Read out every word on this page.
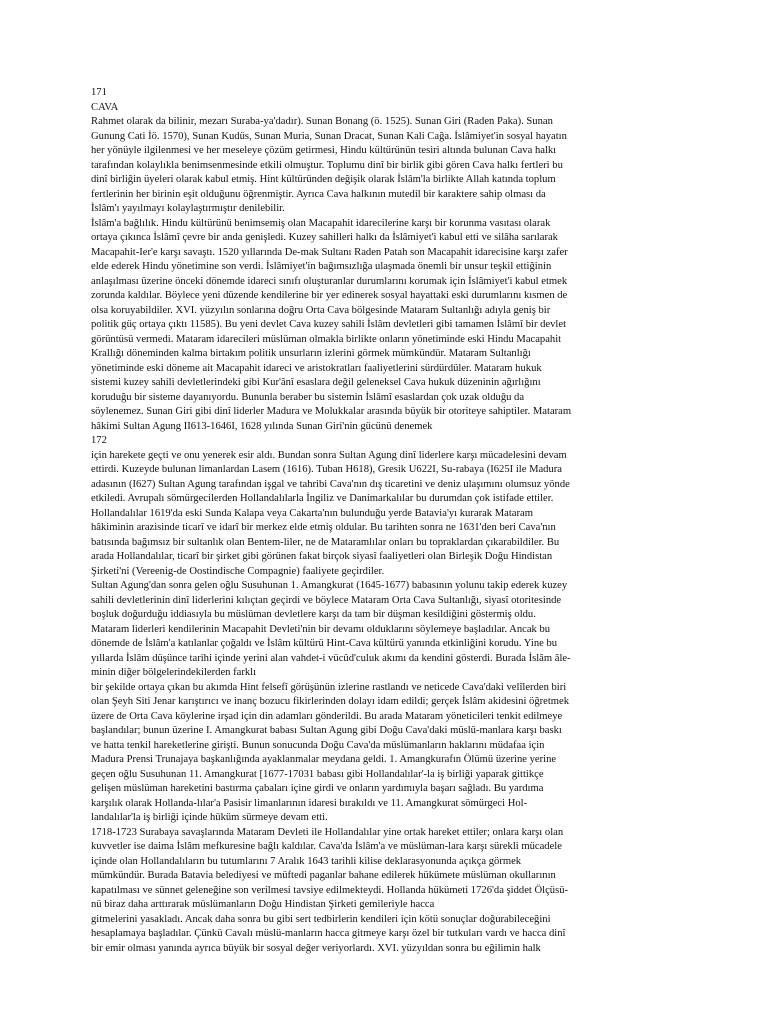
171
CAVA
Rahmet olarak da bilinir, mezarı Suraba-ya'dadır). Sunan Bonang (ö. 1525). Sunan Giri (Raden Paka). Sunan
Gunung Cati İö. 1570), Sunan Kudüs, Sunan Muria, Sunan Dracat, Sunan Kali Cağa. İslâmiyet'in sosyal hayatın
her yönüyle ilgilenmesi ve her meseleye çözüm getirmesi, Hindu kültürünün tesiri altında bulunan Cava halkı
tarafından kolaylıkla benimsenmesinde etkili olmuştur. Toplumu dinî bir birlik gibi gören Cava halkı fertleri bu
dinî birliğin üyeleri olarak kabul etmiş. Hint kültüründen değişik olarak İslâm'la birlikte Allah katında toplum
fertlerinin her birinin eşit olduğunu öğrenmiştir. Ayrıca Cava halkının mutedil bir karaktere sahip olması da
İslâm'ı yayılmayı kolaylaştırmıştır denilebilir.
İslâm'a bağlılık. Hindu kültürünü benimsemiş olan Macapahit idarecilerine karşı bir korunma vasıtası olarak
ortaya çıkınca İslâmî çevre bir anda genişledi. Kuzey sahilleri halkı da İslâmiyet'i kabul etti ve silâha sarılarak
Macapahit-Ier'e karşı savaştı. 1520 yıllarında De-mak Sultanı Raden Patah son Macapahit idarecisine karşı zafer
elde ederek Hindu yönetimine son verdi. İslâmiyet'in bağımsızlığa ulaşmada önemli bir unsur teşkil ettiğinin
anlaşılması üzerine önceki dönemde idareci sınıfı oluşturanlar durumlarını korumak için İslâmiyet'i kabul etmek
zorunda kaldılar. Böylece yeni düzende kendilerine bir yer edinerek sosyal hayattaki eski durumlarını kısmen de
olsa koruyabildiler. XVI. yüzyılın sonlarına doğru Orta Cava bölgesinde Mataram Sultanlığı adıyla geniş bir
politik güç ortaya çıktı 11585). Bu yeni devlet Cava kuzey sahili İslâm devletleri gibi tamamen İslâmî bir devlet
görüntüsü vermedi. Mataram idarecileri müslüman olmakla birlikte onların yönetiminde eski Hindu Macapahit
Krallığı döneminden kalma birtakım politik unsurların izlerini görmek mümkündür. Mataram Sultanlığı
yönetiminde eski döneme ait Macapahit idareci ve aristokratları faaliyetlerini sürdürdüler. Mataram hukuk
sistemi kuzey sahili devletlerindeki gibi Kur'ânî esaslara değil geleneksel Cava hukuk düzeninin ağırlığını
koruduğu bir sisteme dayanıyordu. Bununla beraber bu sistemin İslâmî esaslardan çok uzak olduğu da
söylenemez. Sunan Giri gibi dinî liderler Madura ve Molukkalar arasında büyük bir otoriteye sahiptiler. Mataram
hâkimi Sultan Agung II613-1646I, 1628 yılında Sunan Giri'nin gücünü denemek
172
için harekete geçti ve onu yenerek esir aldı. Bundan sonra Sultan Agung dinî liderlere karşı mücadelesini devam
ettirdi. Kuzeyde bulunan limanlardan Lasem (1616). Tuban H618), Gresik U622I, Su-rabaya (I625I ile Madura
adasının (I627) Sultan Agung tarafından işgal ve tahribi Cava'nın dış ticaretini ve deniz ulaşımını olumsuz yönde
etkiledi. Avrupalı sömürgecilerden Hollandalılarla İngiliz ve Danimarkalılar bu durumdan çok istifade ettiler.
Hollandalılar 1619'da eski Sunda Kalapa veya Cakarta'nın bulunduğu yerde Batavia'yı kurarak Mataram
hâkiminin arazisinde ticarî ve idarî bir merkez elde etmiş oldular. Bu tarihten sonra ne 1631'den beri Cava'nın
batısında bağımsız bir sultanlık olan Bentem-liler, ne de Mataramlılar onları bu topraklardan çıkarabildiler. Bu
arada Hollandalılar, ticarî bir şirket gibi görünen fakat birçok siyasî faaliyetleri olan Birleşik Doğu Hindistan
Şirketi'ni (Vereenig-de Oostindische Compagnie) faaliyete geçirdiler.
Sultan Agung'dan sonra gelen oğlu Susuhunan 1. Amangkurat (1645-1677) babasının yolunu takip ederek kuzey
sahili devletlerinin dinî liderlerini kılıçtan geçirdi ve böylece Mataram Orta Cava Sultanlığı, siyasî otoritesinde
boşluk doğurduğu iddiasıyla bu müslüman devletlere karşı da tam bir düşman kesildiğini göstermiş oldu.
Mataram liderleri kendilerinin Macapahit Devleti'nin bir devamı olduklarını söylemeye başladılar. Ancak bu
dönemde de İslâm'a katılanlar çoğaldı ve İslâm kültürü Hint-Cava kültürü yanında etkinliğini korudu. Yine bu
yıllarda İslâm düşünce tarihi içinde yerini alan vahdet-i vücûd'culuk akımı da kendini gösterdi. Burada İslâm âle-
minin diğer bölgelerindekilerden farklı
bir şekilde ortaya çıkan bu akımda Hint felsefî görüşünün izlerine rastlandı ve neticede Cava'daki velîlerden biri
olan Şeyh Siti Jenar karıştırıcı ve inanç bozucu fikirlerinden dolayı idam edildi; gerçek İslâm akidesini öğretmek
üzere de Orta Cava köylerine irşad için din adamları gönderildi. Bu arada Mataram yöneticileri tenkit edilmeye
başlandılar; bunun üzerine I. Amangkurat babası Sultan Agung gibi Doğu Cava'daki müslü-manlara karşı baskı
ve hatta tenkil hareketlerine girişti. Bunun sonucunda Doğu Cava'da müslümanların haklarını müdafaa için
Madura Prensi Trunajaya başkanlığında ayaklanmalar meydana geldi. 1. Amangkurafın Ölümü üzerine yerine
geçen oğlu Susuhunan 11. Amangkurat [1677-17031 babası gibi Hollandalılar'-la iş birliği yaparak gittikçe
gelişen müslüman hareketini bastırma çabaları içine girdi ve onların yardımıyla başarı sağladı. Bu yardıma
karşılık olarak Hollanda-lılar'a Pasisir limanlarının idaresi bırakıldı ve 11. Amangkurat sömürgeci Hol-
landalılar'la iş birliği içinde hüküm sürmeye devam etti.
1718-1723 Surabaya savaşlarında Mataram Devleti ile Hollandalılar yine ortak hareket ettiler; onlara karşı olan
kuvvetler ise daima İslâm mefkuresine bağlı kaldılar. Cava'da İslâm'a ve müslüman-lara karşı sürekli mücadele
içinde olan Hollandalıların bu tutumlarını 7 Aralık 1643 tarihli kilise deklarasyonunda açıkça görmek
mümkündür. Burada Batavia belediyesi ve müftedi paganlar bahane edilerek hükümete müslüman okullarının
kapatılması ve sünnet geleneğine son verilmesi tavsiye edilmekteydi. Hollanda hükümeti 1726'da şiddet Ölçüsü-
nü biraz daha arttırarak müslümanların Doğu Hindistan Şirketi gemileriyle hacca
gitmelerini yasakladı. Ancak daha sonra bu gibi sert tedbirlerin kendileri için kötü sonuçlar doğurabileceğini
hesaplamaya başladılar. Çünkü Cavalı müslü-manların hacca gitmeye karşı özel bir tutkuları vardı ve hacca dinî
bir emir olması yanında ayrıca büyük bir sosyal değer veriyorlardı. XVI. yüzyıldan sonra bu eğilimin halk
